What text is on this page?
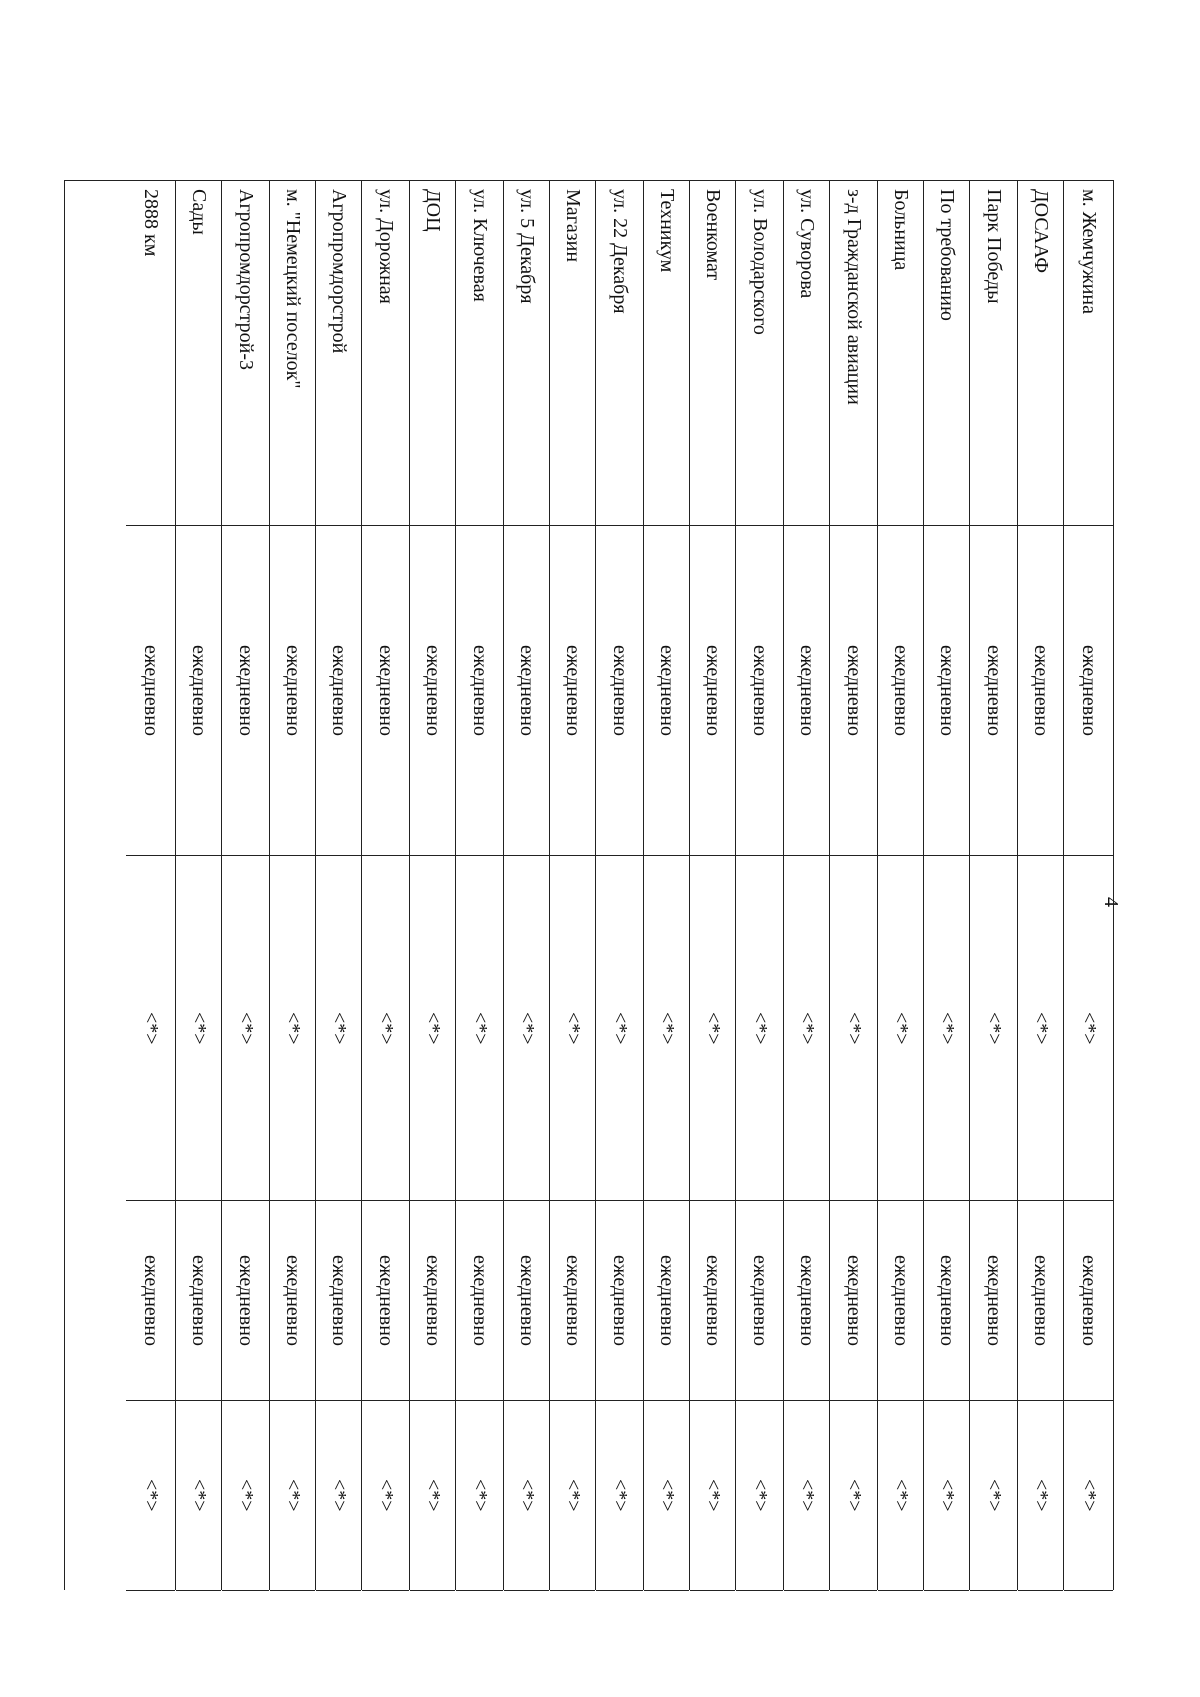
4
м. Жемчужина
ежедневно
<*>
ежедневно
<*>
ДОСААФ
ежедневно
<*>
ежедневно
<*>
Парк Победы
ежедневно
<*>
ежедневно
<*>
По требованию
ежедневно
<*>
ежедневно
<*>
Больница
ежедневно
<*>
ежедневно
<*>
з-д Гражданской авиации
ежедневно
<*>
ежедневно
<*>
ул. Суворова
ежедневно
<*>
ежедневно
<*>
ул. Володарского
ежедневно
<*>
ежедневно
<*>
Военкомат
ежедневно
<*>
ежедневно
<*>
Техникум
ежедневно
<*>
ежедневно
<*>
ул. 22 Декабря
ежедневно
<*>
ежедневно
<*>
Магазин
ежедневно
<*>
ежедневно
<*>
ул. 5 Декабря
ежедневно
<*>
ежедневно
<*>
ул. Ключевая
ежедневно
<*>
ежедневно
<*>
ДОЦ
ежедневно
<*>
ежедневно
<*>
ул. Дорожная
ежедневно
<*>
ежедневно
<*>
Агропромдорстрой
ежедневно
<*>
ежедневно
<*>
м. "Немецкий поселок"
ежедневно
<*>
ежедневно
<*>
Агропромдорстрой-3
ежедневно
<*>
ежедневно
<*>
Сады
ежедневно
<*>
ежедневно
<*>
2888 км
ежедневно
<*>
ежедневно
<*>
